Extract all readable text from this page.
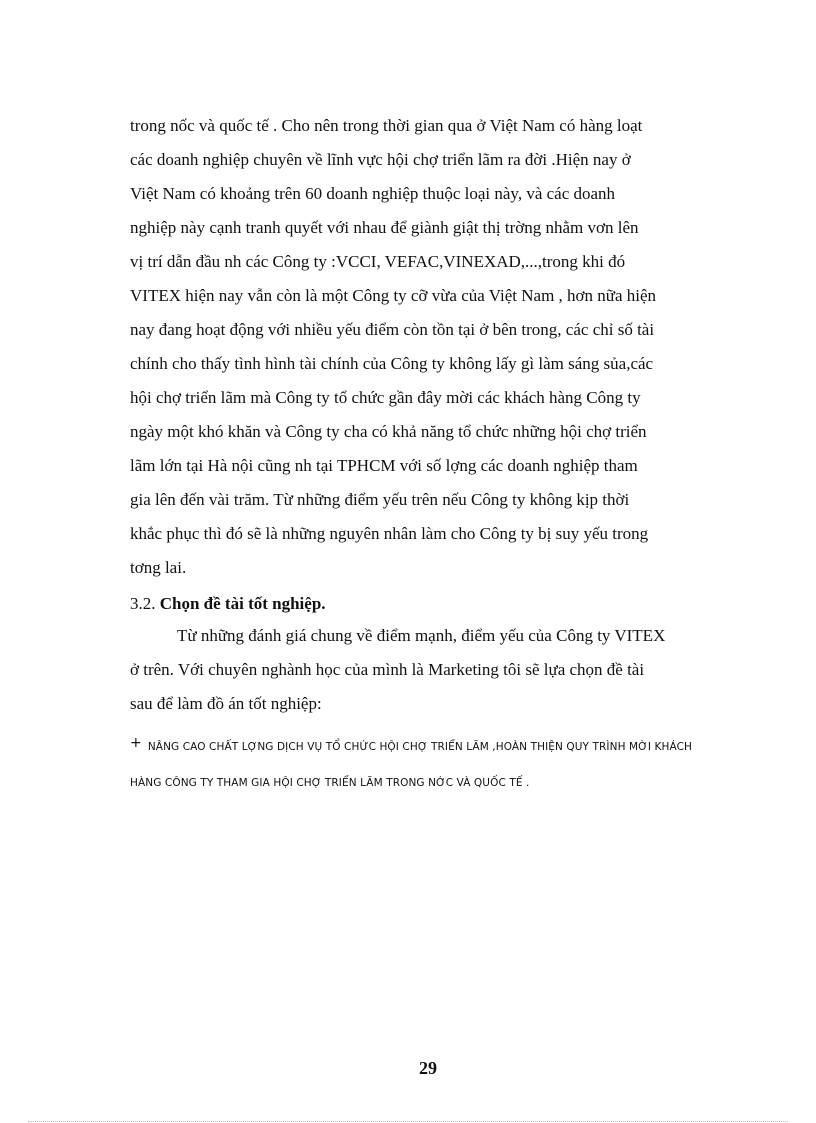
trong nốc và quốc tế . Cho nên trong thời gian qua ở Việt Nam có hàng loạt
các doanh nghiệp chuyên về lĩnh vực hội chợ triển lãm ra đời .Hiện nay ở
Việt Nam có khoảng trên 60 doanh nghiệp thuộc loại này, và các doanh
nghiệp này cạnh tranh quyết với nhau để giành giật thị trờng nhằm vơn lên
vị trí dẫn đầu nh các Công ty :VCCI, VEFAC,VINEXAD,...,trong khi đó
VITEX hiện nay vẫn còn là một Công ty cỡ vừa của Việt Nam , hơn nữa hiện
nay đang hoạt động với nhiều yếu điểm còn tồn tại ở bên trong, các chỉ số tài
chính cho thấy tình hình tài chính của Công ty không lấy gì làm sáng sủa,các
hội chợ triển lãm mà Công ty tổ chức gần đây mời các khách hàng Công ty
ngày một khó khăn và Công ty cha có khả năng tổ chức những hội chợ triển
lãm lớn tại Hà nội cũng nh tại TPHCM với số lợng các doanh nghiệp tham
gia lên đến vài trăm. Từ những điểm yếu trên nếu Công ty không kịp thời
khắc phục thì đó sẽ là những nguyên nhân làm cho Công ty bị suy yếu trong
tơng lai.
3.2. Chọn đề tài tốt nghiệp.
Từ những đánh giá chung về điểm mạnh, điểm yếu của Công ty VITEX
ở trên. Với chuyên nghành học của mình là Marketing tôi sẽ lựa chọn đề tài
sau để làm đồ án tốt nghiệp:
+ NÂNG CAO CHẤT LỢNG DỊCH VỤ TỔ CHỨC HỘI CHỢ TRIỂN LÃM ,HOÀN THIỆN QUY TRÌNH MỜI KHÁCH
HÀNG CÔNG TY THAM GIA HỘI CHỢ TRIỂN LÃM TRONG NỚC VÀ QUỐC TẾ .
29
